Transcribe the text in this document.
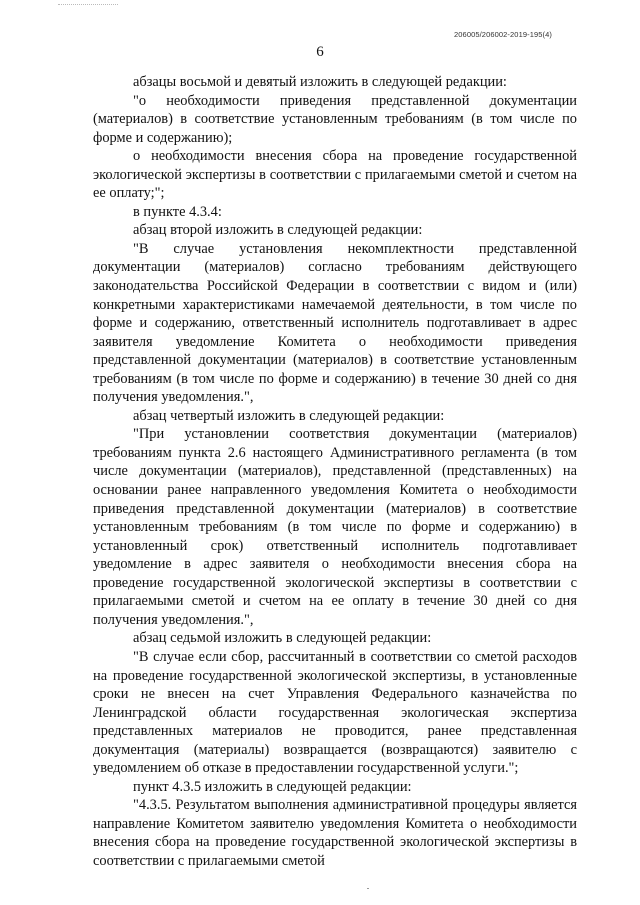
206005/206002-2019-195(4)
6

абзацы восьмой и девятый изложить в следующей редакции:

"о необходимости приведения представленной документации (материалов) в соответствие установленным требованиям (в том числе по форме и содержанию);

о необходимости внесения сбора на проведение государственной экологической экспертизы в соответствии с прилагаемыми сметой и счетом на ее оплату;";

в пункте 4.3.4:

абзац второй изложить в следующей редакции:

"В случае установления некомплектности представленной документации (материалов) согласно требованиям действующего законодательства Российской Федерации в соответствии с видом и (или) конкретными характеристиками намечаемой деятельности, в том числе по форме и содержанию, ответственный исполнитель подготавливает в адрес заявителя уведомление Комитета о необходимости приведения представленной документации (материалов) в соответствие установленным требованиям (в том числе по форме и содержанию) в течение 30 дней со дня получения уведомления.",

абзац четвертый изложить в следующей редакции:

"При установлении соответствия документации (материалов) требованиям пункта 2.6 настоящего Административного регламента (в том числе документации (материалов), представленной (представленных) на основании ранее направленного уведомления Комитета о необходимости приведения представленной документации (материалов) в соответствие установленным требованиям (в том числе по форме и содержанию) в установленный срок) ответственный исполнитель подготавливает уведомление в адрес заявителя о необходимости внесения сбора на проведение государственной экологической экспертизы в соответствии с прилагаемыми сметой и счетом на ее оплату в течение 30 дней со дня получения уведомления.",

абзац седьмой изложить в следующей редакции:

"В случае если сбор, рассчитанный в соответствии со сметой расходов на проведение государственной экологической экспертизы, в установленные сроки не внесен на счет Управления Федерального казначейства по Ленинградской области государственная экологическая экспертиза представленных материалов не проводится, ранее представленная документация (материалы) возвращается (возвращаются) заявителю с уведомлением об отказе в предоставлении государственной услуги.";

пункт 4.3.5 изложить в следующей редакции:

"4.3.5. Результатом выполнения административной процедуры является направление Комитетом заявителю уведомления Комитета о необходимости внесения сбора на проведение государственной экологической экспертизы в соответствии с прилагаемыми сметой
